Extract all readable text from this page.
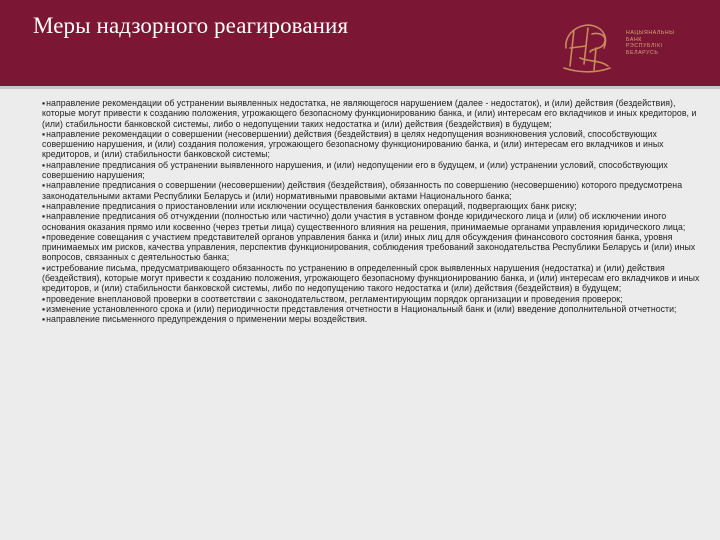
Меры надзорного реагирования	НАЦЫЯНАЛЬНЫ
БАНК
РЭСПУБЛІКІ
БЕЛАРУСЬ

▪направление рекомендации об устранении выявленных недостатка, не являющегося нарушением (далее - недостаток), и (или) действия (бездействия), которые могут привести к созданию положения, угрожающего безопасному функционированию банка, и (или) интересам его вкладчиков и иных кредиторов, и (или) стабильности банковской системы, либо о недопущении таких недостатка и (или) действия (бездействия) в будущем;

▪направление рекомендации о совершении (несовершении) действия (бездействия) в целях недопущения возникновения условий, способствующих совершению нарушения, и (или) создания положения, угрожающего безопасному функционированию банка, и (или) интересам его вкладчиков и иных кредиторов, и (или) стабильности банковской системы;

▪направление предписания об устранении выявленного нарушения, и (или) недопущении его в будущем, и (или) устранении условий, способствующих совершению нарушения;

▪направление предписания о совершении (несовершении) действия (бездействия), обязанность по совершению (несовершению) которого предусмотрена законодательными актами Республики Беларусь и (или) нормативными правовыми актами Национального банка;

▪направление предписания о приостановлении или исключении осуществления банковских операций, подвергающих банк риску;

▪направление предписания об отчуждении (полностью или частично) доли участия в уставном фонде юридического лица и (или) об исключении иного основания оказания прямо или косвенно (через третьи лица) существенного влияния на решения, принимаемые органами управления юридического лица;

▪проведение совещания с участием представителей органов управления банка и (или) иных лиц для обсуждения финансового состояния банка, уровня принимаемых им рисков, качества управления, перспектив функционирования, соблюдения требований законодательства Республики Беларусь и (или) иных вопросов, связанных с деятельностью банка;

▪истребование письма, предусматривающего обязанность по устранению в определенный срок выявленных нарушения (недостатка) и (или) действия (бездействия), которые могут привести к созданию положения, угрожающего безопасному функционированию банка, и (или) интересам его вкладчиков и иных кредиторов, и (или) стабильности банковской системы, либо по недопущению такого недостатка и (или) действия (бездействия) в будущем;

▪проведение внеплановой проверки в соответствии с законодательством, регламентирующим порядок организации и проведения проверок;

▪изменение установленного срока и (или) периодичности представления отчетности в Национальный банк и (или) введение дополнительной отчетности;

▪направление письменного предупреждения о применении меры воздействия.
